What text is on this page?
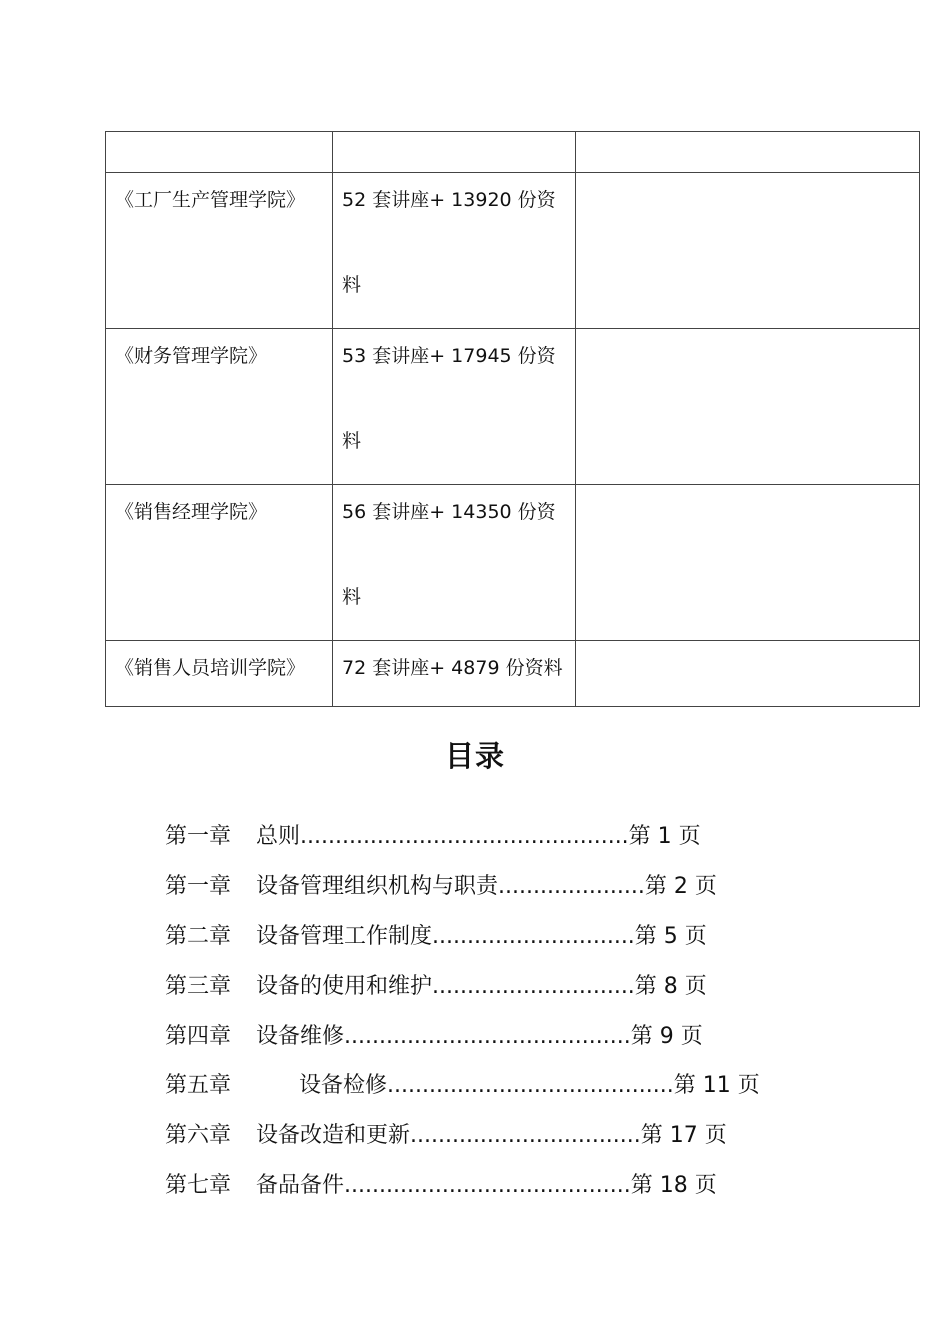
《工厂生产管理学院》	52 套讲座+ 13920 份资料	

《财务管理学院》	53 套讲座+ 17945 份资料	

《销售经理学院》	56 套讲座+ 14350 份资料	

《销售人员培训学院》	72 套讲座+ 4879 份资料	

目录
第一章	总则...............................................第 1 页
第一章	设备管理组织机构与职责.....................第 2 页
第二章	设备管理工作制度.............................第 5 页
第三章	设备的使用和维护.............................第 8 页
第四章	设备维修.........................................第 9 页
第五章	设备检修.........................................第 11 页
第六章	设备改造和更新.................................第 17 页
第七章	备品备件.........................................第 18 页
